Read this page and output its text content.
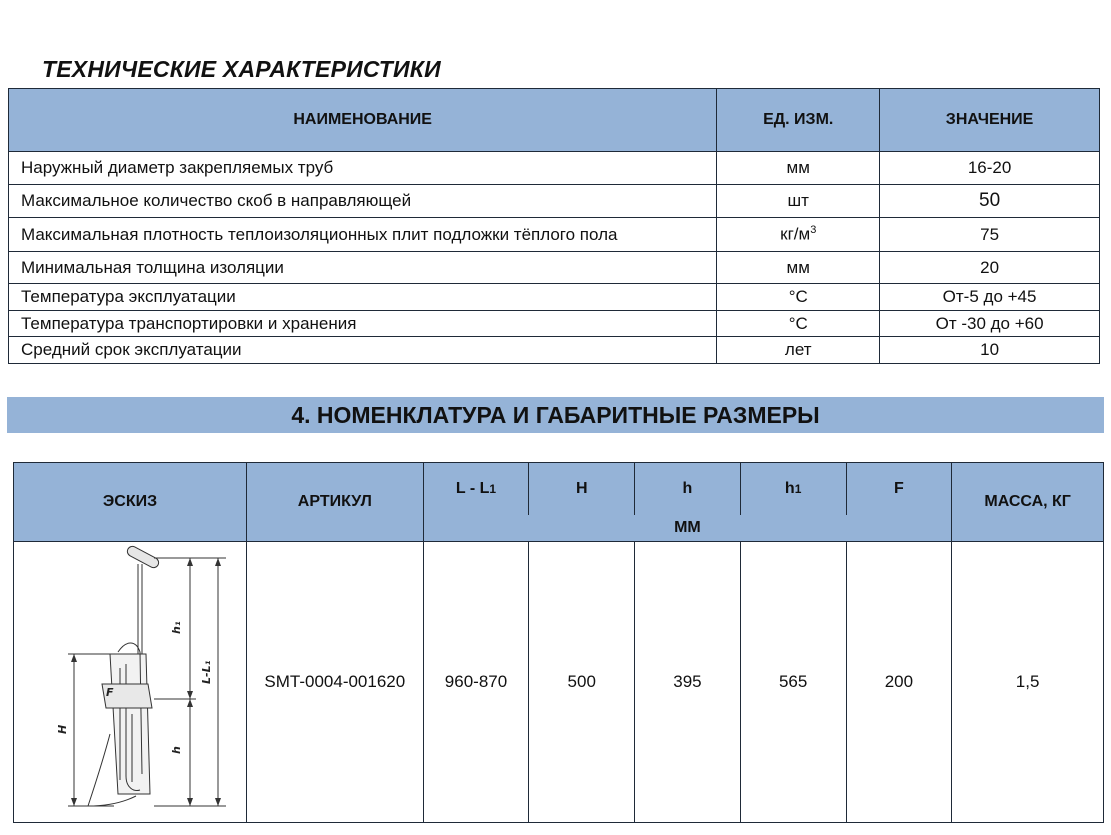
ТЕХНИЧЕСКИЕ ХАРАКТЕРИСТИКИ
НАИМЕНОВАНИЕ	ЕД. ИЗМ.	ЗНАЧЕНИЕ
Наружный диаметр закрепляемых труб	мм	16-20
Максимальное количество скоб в направляющей	шт	50
Максимальная плотность теплоизоляционных плит подложки тёплого пола	$кг/м^3$	75
Минимальная толщина изоляции	мм	20
Температура эксплуатации	°С	От-5 до +45
Температура транспортировки и хранения	°С	От -30 до +60
Средний срок эксплуатации	лет	10
4. НОМЕНКЛАТУРА И ГАБАРИТНЫЕ РАЗМЕРЫ
ЭСКИЗ	АРТИКУЛ	L - L1	H	h	h1	F	МАССА, КГ
		ММ					

h₁
L-L₁
H
h
F	SMT-0004-001620	960-870	500	395	565	200	1,5
